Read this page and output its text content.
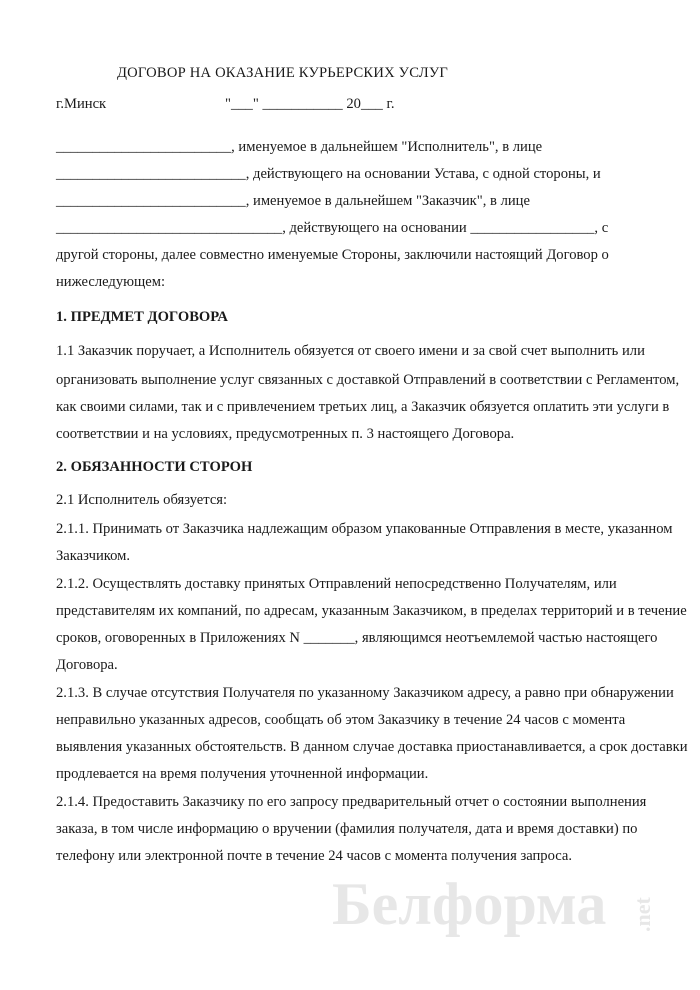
ДОГОВОР НА ОКАЗАНИЕ КУРЬЕРСКИХ УСЛУГ
г.Минск	"___" ___________ 20___ г.
________________________, именуемое в дальнейшем "Исполнитель", в лице
__________________________, действующего на основании Устава, с одной стороны, и
__________________________, именуемое в дальнейшем "Заказчик", в лице
_______________________________, действующего на основании _________________, с
другой стороны, далее совместно именуемые Стороны, заключили настоящий Договор о
нижеследующем:
1. ПРЕДМЕТ ДОГОВОРА
1.1 Заказчик поручает, а Исполнитель обязуется от своего имени и за свой счет выполнить или
организовать выполнение услуг связанных с доставкой Отправлений в соответствии с Регламентом,
как своими силами, так и с привлечением третьих лиц, а Заказчик обязуется оплатить эти услуги в
соответствии и на условиях, предусмотренных п. 3 настоящего Договора.
2. ОБЯЗАННОСТИ СТОРОН
2.1 Исполнитель обязуется:
2.1.1. Принимать от Заказчика надлежащим образом упакованные Отправления в месте, указанном
Заказчиком.
2.1.2. Осуществлять доставку принятых Отправлений непосредственно Получателям, или
представителям их компаний, по адресам, указанным Заказчиком, в пределах территорий и в течение
сроков, оговоренных в Приложениях N _______, являющимся неотъемлемой частью настоящего
Договора.
2.1.3. В случае отсутствия Получателя по указанному Заказчиком адресу, а равно при обнаружении
неправильно указанных адресов, сообщать об этом Заказчику в течение 24 часов с момента
выявления указанных обстоятельств. В данном случае доставка приостанавливается, а срок доставки
продлевается на время получения уточненной информации.
2.1.4. Предоставить Заказчику по его запросу предварительный отчет о состоянии выполнения
заказа, в том числе информацию о вручении (фамилия получателя, дата и время доставки) по
телефону или электронной почте в течение 24 часов с момента получения запроса.
Белформа .net
